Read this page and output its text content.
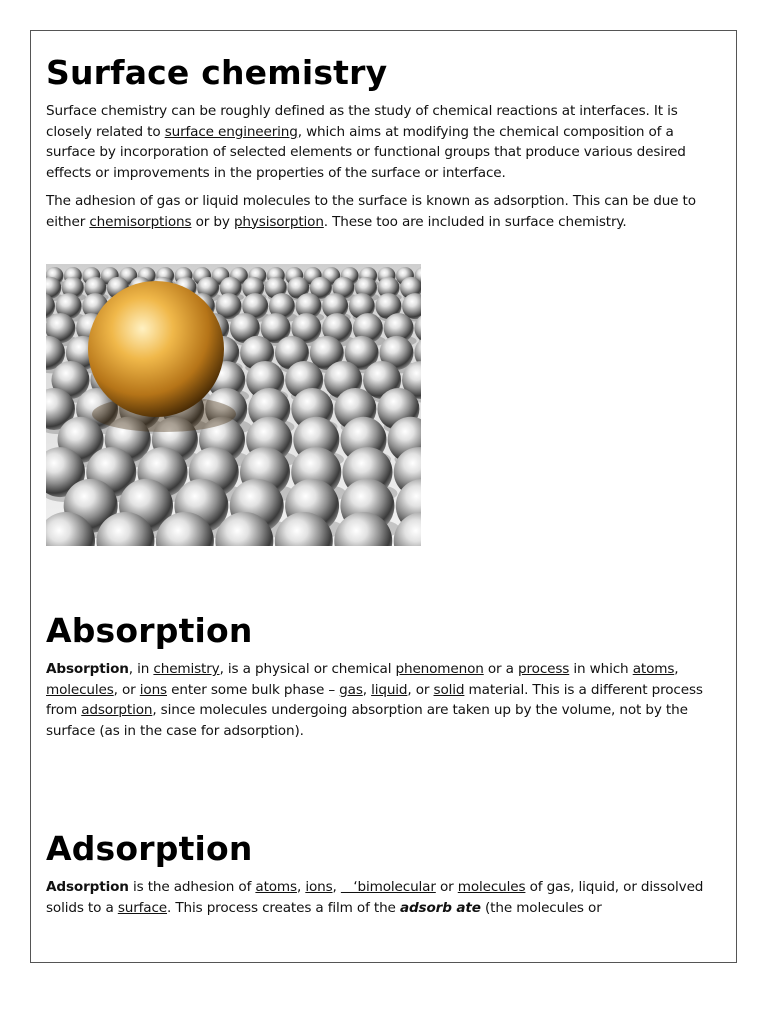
Surface chemistry

Surface chemistry can be roughly defined as the study of chemical reactions at interfaces. It is closely related to surface engineering, which aims at modifying the chemical composition of a surface by incorporation of selected elements or functional groups that produce various desired effects or improvements in the properties of the surface or interface.

The adhesion of gas or liquid molecules to the surface is known as adsorption. This can be due to either chemisorptions or by physisorption. These too are included in surface chemistry.

Absorption

Absorption, in chemistry, is a physical or chemical phenomenon or a process in which atoms, molecules, or ions enter some bulk phase – gas, liquid, or solid material. This is a different process from adsorption, since molecules undergoing absorption are taken up by the volume, not by the surface (as in the case for adsorption).

Adsorption

Adsorption is the adhesion of atoms, ions,    ‘bimolecular or molecules of gas, liquid, or dissolved solids to a surface. This process creates a film of the adsorb ate (the molecules or
